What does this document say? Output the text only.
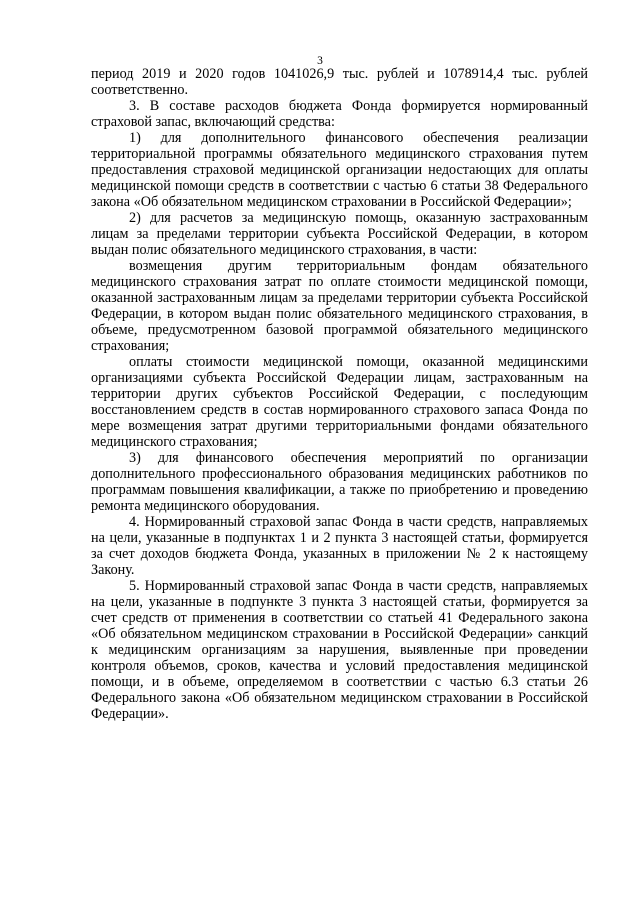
3

период 2019 и 2020 годов 1041026,9 тыс. рублей и 1078914,4 тыс. рублей соответственно.

3. В составе расходов бюджета Фонда формируется нормированный страховой запас, включающий средства:

1) для дополнительного финансового обеспечения реализации территориальной программы обязательного медицинского страхования путем предоставления страховой медицинской организации недостающих для оплаты медицинской помощи средств в соответствии с частью 6 статьи 38 Федерального закона «Об обязательном медицинском страховании в Российской Федерации»;

2) для расчетов за медицинскую помощь, оказанную застрахованным лицам за пределами территории субъекта Российской Федерации, в котором выдан полис обязательного медицинского страхования, в части:

возмещения другим территориальным фондам обязательного медицинского страхования затрат по оплате стоимости медицинской помощи, оказанной застрахованным лицам за пределами территории субъекта Российской Федерации, в котором выдан полис обязательного медицинского страхования, в объеме, предусмотренном базовой программой обязательного медицинского страхования;

оплаты стоимости медицинской помощи, оказанной медицинскими организациями субъекта Российской Федерации лицам, застрахованным на территории других субъектов Российской Федерации, с последующим восстановлением средств в состав нормированного страхового запаса Фонда по мере возмещения затрат другими территориальными фондами обязательного медицинского страхования;

3) для финансового обеспечения мероприятий по организации дополнительного профессионального образования медицинских работников по программам повышения квалификации, а также по приобретению и проведению ремонта медицинского оборудования.

4. Нормированный страховой запас Фонда в части средств, направляемых на цели, указанные в подпунктах 1 и 2 пункта 3 настоящей статьи, формируется за счет доходов бюджета Фонда, указанных в приложении № 2 к настоящему Закону.

5. Нормированный страховой запас Фонда в части средств, направляемых на цели, указанные в подпункте 3 пункта 3 настоящей статьи, формируется за счет средств от применения в соответствии со статьей 41 Федерального закона «Об обязательном медицинском страховании в Российской Федерации» санкций к медицинским организациям за нарушения, выявленные при проведении контроля объемов, сроков, качества и условий предоставления медицинской помощи, и в объеме, определяемом в соответствии с частью 6.3 статьи 26 Федерального закона «Об обязательном медицинском страховании в Российской Федерации».
